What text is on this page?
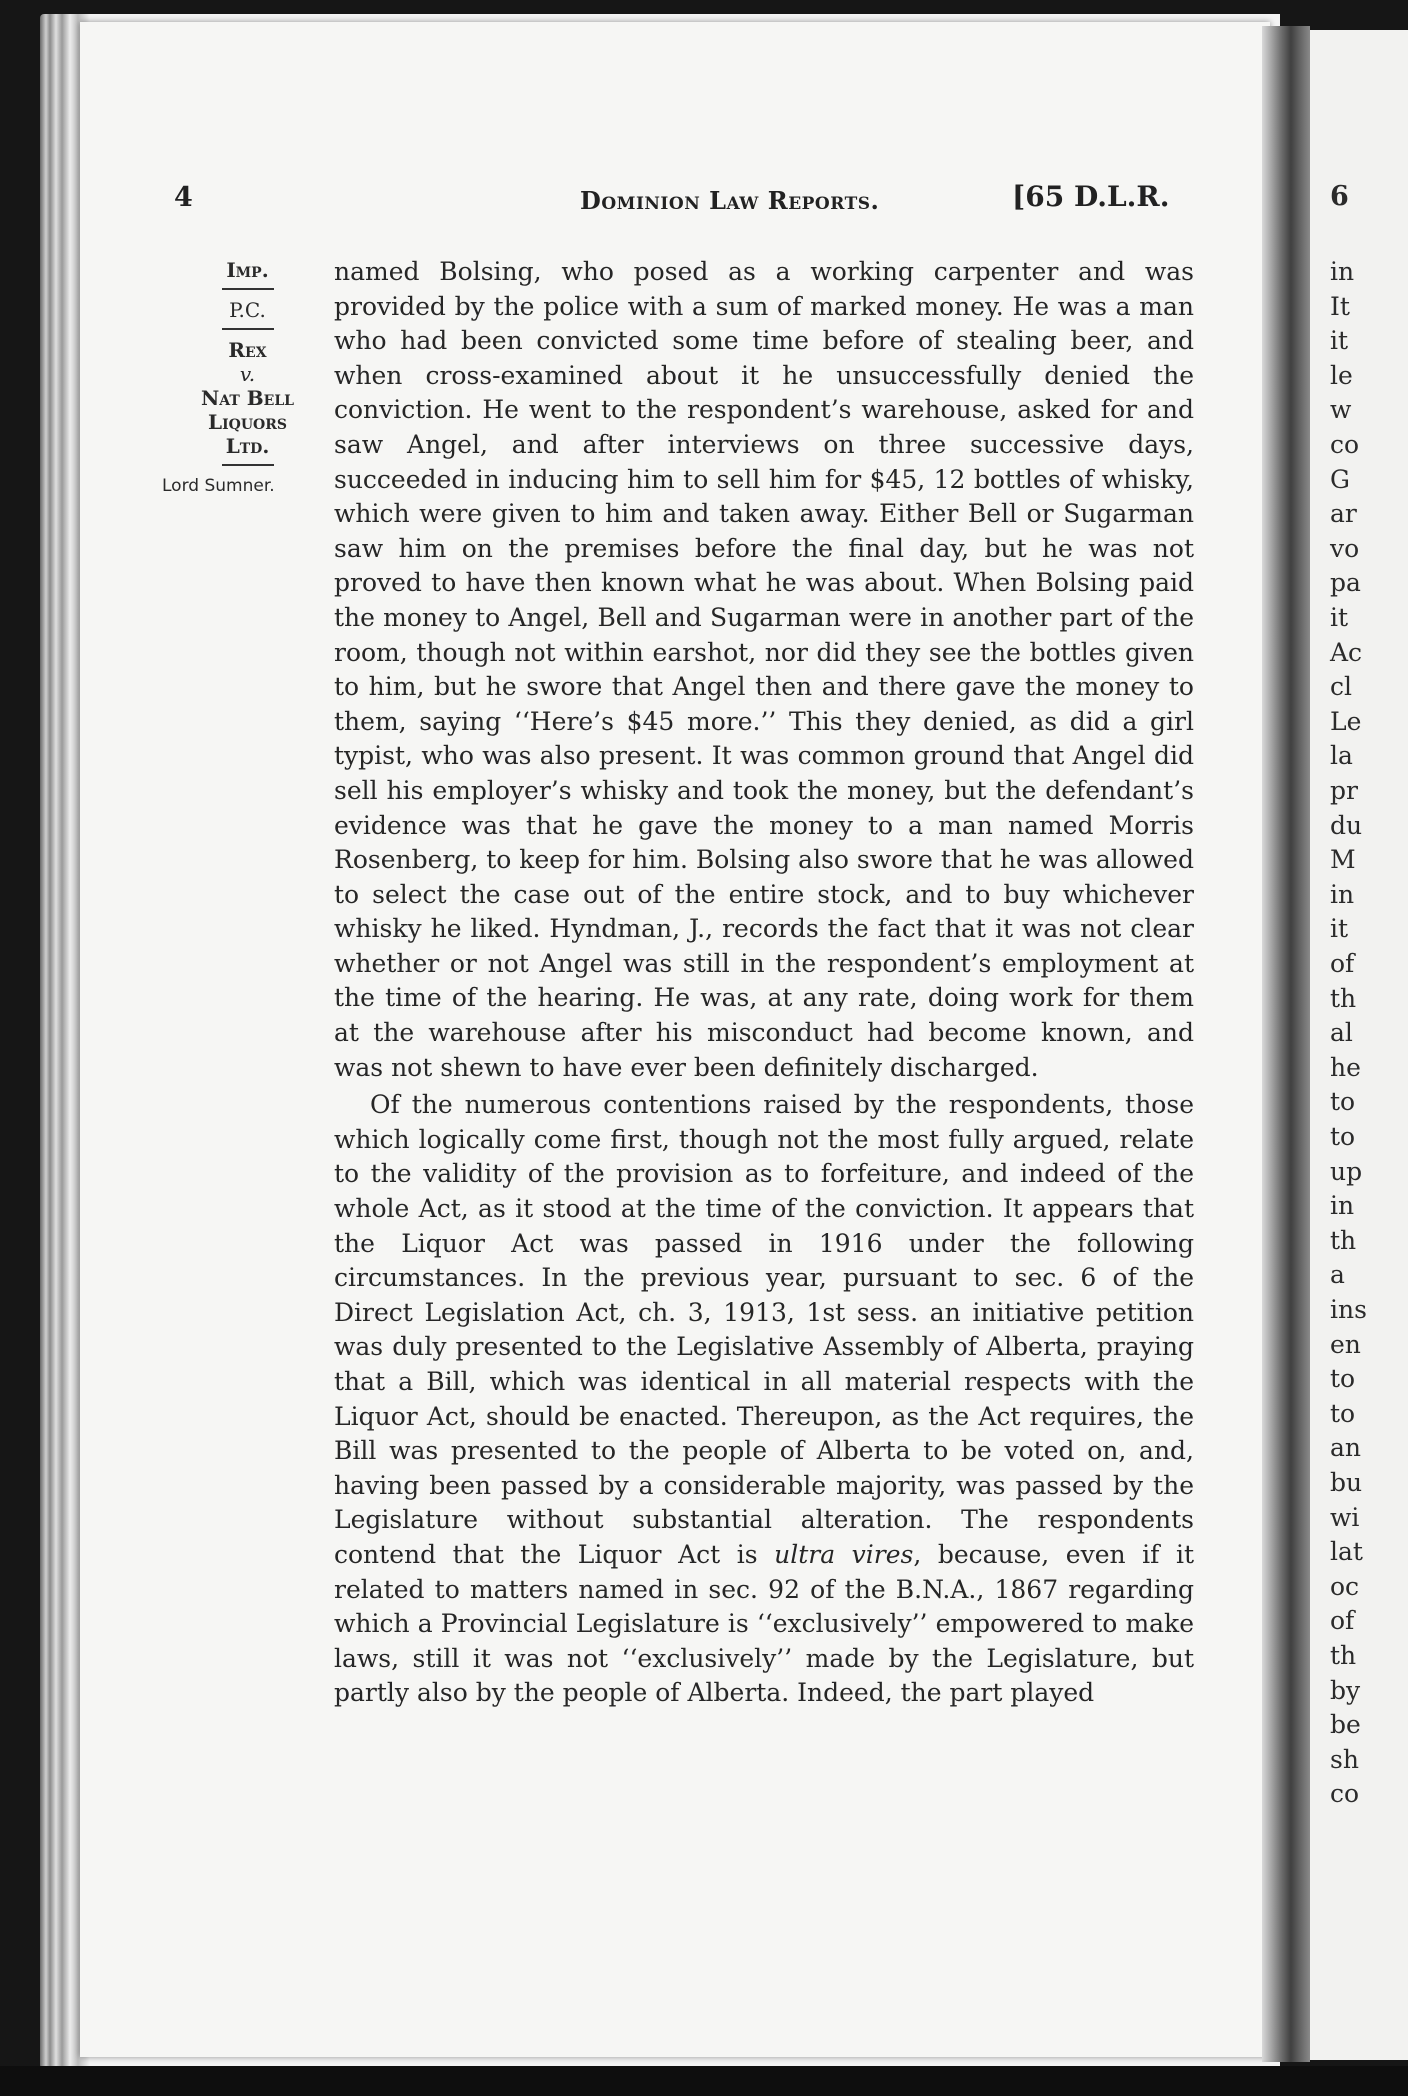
6
in
It
it
le
w
co
G
ar
vo
pa
it
Ac
cl
Le
la
pr
du
M
in
it
of
th
al
he
to
to
up
in
th
a
ins
en
to
to
an
bu
wi
lat
oc
of
th
by
be
sh
co
4	Dominion Law Reports.	[65 D.L.R.
Imp.
P.C.
Rex
v.
Nat Bell
Liquors
Ltd.
Lord Sumner.

named Bolsing, who posed as a working carpenter and was provided by the police with a sum of marked money. He was a man who had been convicted some time before of stealing beer, and when cross-examined about it he unsuccessfully denied the conviction. He went to the respondent’s warehouse, asked for and saw Angel, and after interviews on three successive days, succeeded in inducing him to sell him for $45, 12 bottles of whisky, which were given to him and taken away. Either Bell or Sugarman saw him on the premises before the final day, but he was not proved to have then known what he was about. When Bolsing paid the money to Angel, Bell and Sugarman were in another part of the room, though not within earshot, nor did they see the bottles given to him, but he swore that Angel then and there gave the money to them, saying ‘‘Here’s $45 more.’’ This they denied, as did a girl typist, who was also present. It was common ground that Angel did sell his employer’s whisky and took the money, but the defendant’s evidence was that he gave the money to a man named Morris Rosenberg, to keep for him. Bolsing also swore that he was allowed to select the case out of the entire stock, and to buy whichever whisky he liked. Hyndman, J., records the fact that it was not clear whether or not Angel was still in the respondent’s employment at the time of the hearing. He was, at any rate, doing work for them at the warehouse after his misconduct had become known, and was not shewn to have ever been definitely discharged.

Of the numerous contentions raised by the respondents, those which logically come first, though not the most fully argued, relate to the validity of the provision as to forfeiture, and indeed of the whole Act, as it stood at the time of the conviction. It appears that the Liquor Act was passed in 1916 under the following circumstances. In the previous year, pursuant to sec. 6 of the Direct Legislation Act, ch. 3, 1913, 1st sess. an initiative petition was duly presented to the Legislative Assembly of Alberta, praying that a Bill, which was identical in all material respects with the Liquor Act, should be enacted. Thereupon, as the Act requires, the Bill was presented to the people of Alberta to be voted on, and, having been passed by a considerable majority, was passed by the Legislature without substantial alteration. The respondents contend that the Liquor Act is ultra vires, because, even if it related to matters named in sec. 92 of the B.N.A., 1867 regarding which a Provincial Legislature is ‘‘exclusively’’ empowered to make laws, still it was not ‘‘exclusively’’ made by the Legislature, but partly also by the people of Alberta. Indeed, the part played
